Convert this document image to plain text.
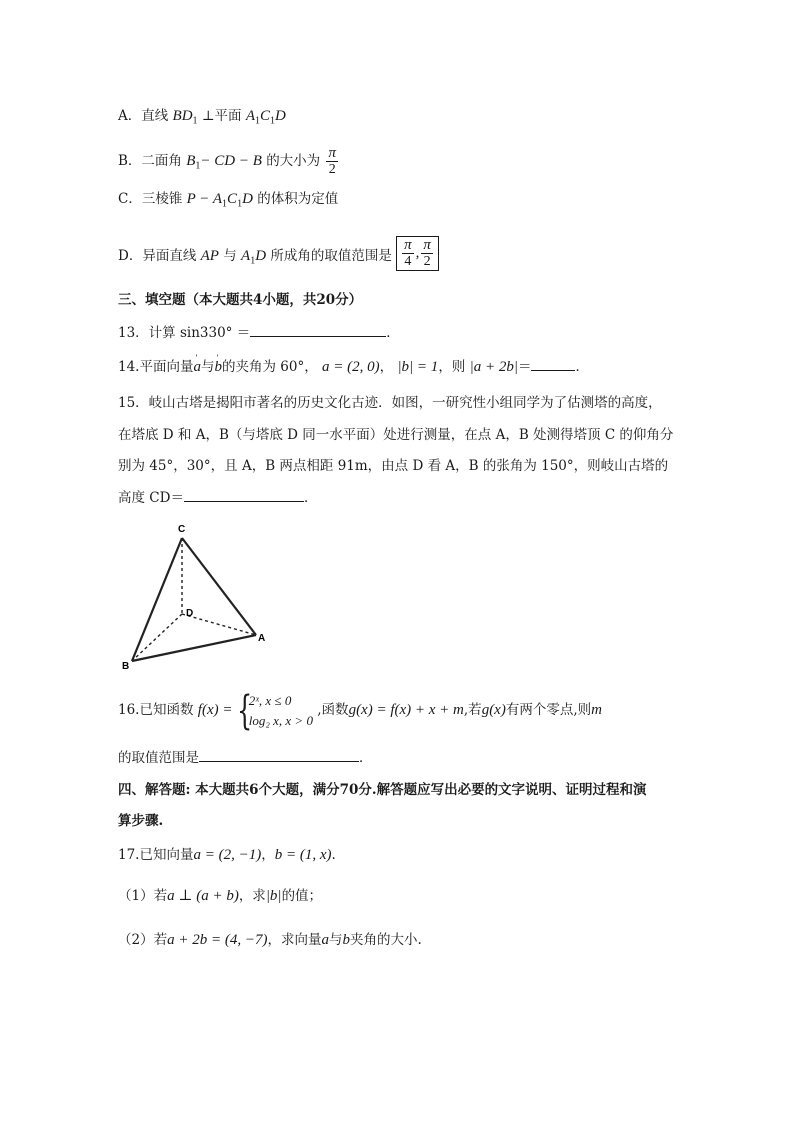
A．直线 $BD_1$ ⊥平面 $A_1C_1D$
B．二面角 $B_1-$ CD − B 的大小为 $\frac{\pi}{2}$
C．三棱锥 $P - A_1C_1D$ 的体积为定值
D．异面直线 AP 与 $A_1D$ 所成角的取值范围是 $\frac{\pi}{4}$ , $\frac{\pi}{2}$
三、填空题（本大题共4小题，共20分）
13．计算 sin330° ＝	．
14.平面向量' a与' b的夹角为 60°， a = (2, 0)， |b| = 1，则 |a + 2b|＝	．
15．岐山古塔是揭阳市著名的历史文化古迹．如图，一研究性小组同学为了估测塔的高度，
在塔底 D 和 A，B（与塔底 D 同一水平面）处进行测量，在点 A，B 处测得塔顶 C 的仰角分
别为 45°，30°，且 A，B 两点相距 91m，由点 D 看 A，B 的张角为 150°，则岐山古塔的
高度 CD＝	．
C
D
A
B
16.已知函数 f(x) = {
2ˣ, x ≤ 0
log₂ x, x > 0
,函数g(x) = f(x) + x + m,若g(x)有两个零点,则m
的取值范围是	．
四、解答题: 本大题共6个大题，满分70分.解答题应写出必要的文字说明、证明过程和演
算步骤.
17.已知向量a = (2, −1)，b = (1, x).
（1）若a ⊥ (a + b)，求|b|的值；
（2）若a + 2b = (4, −7)，求向量a与b夹角的大小.
